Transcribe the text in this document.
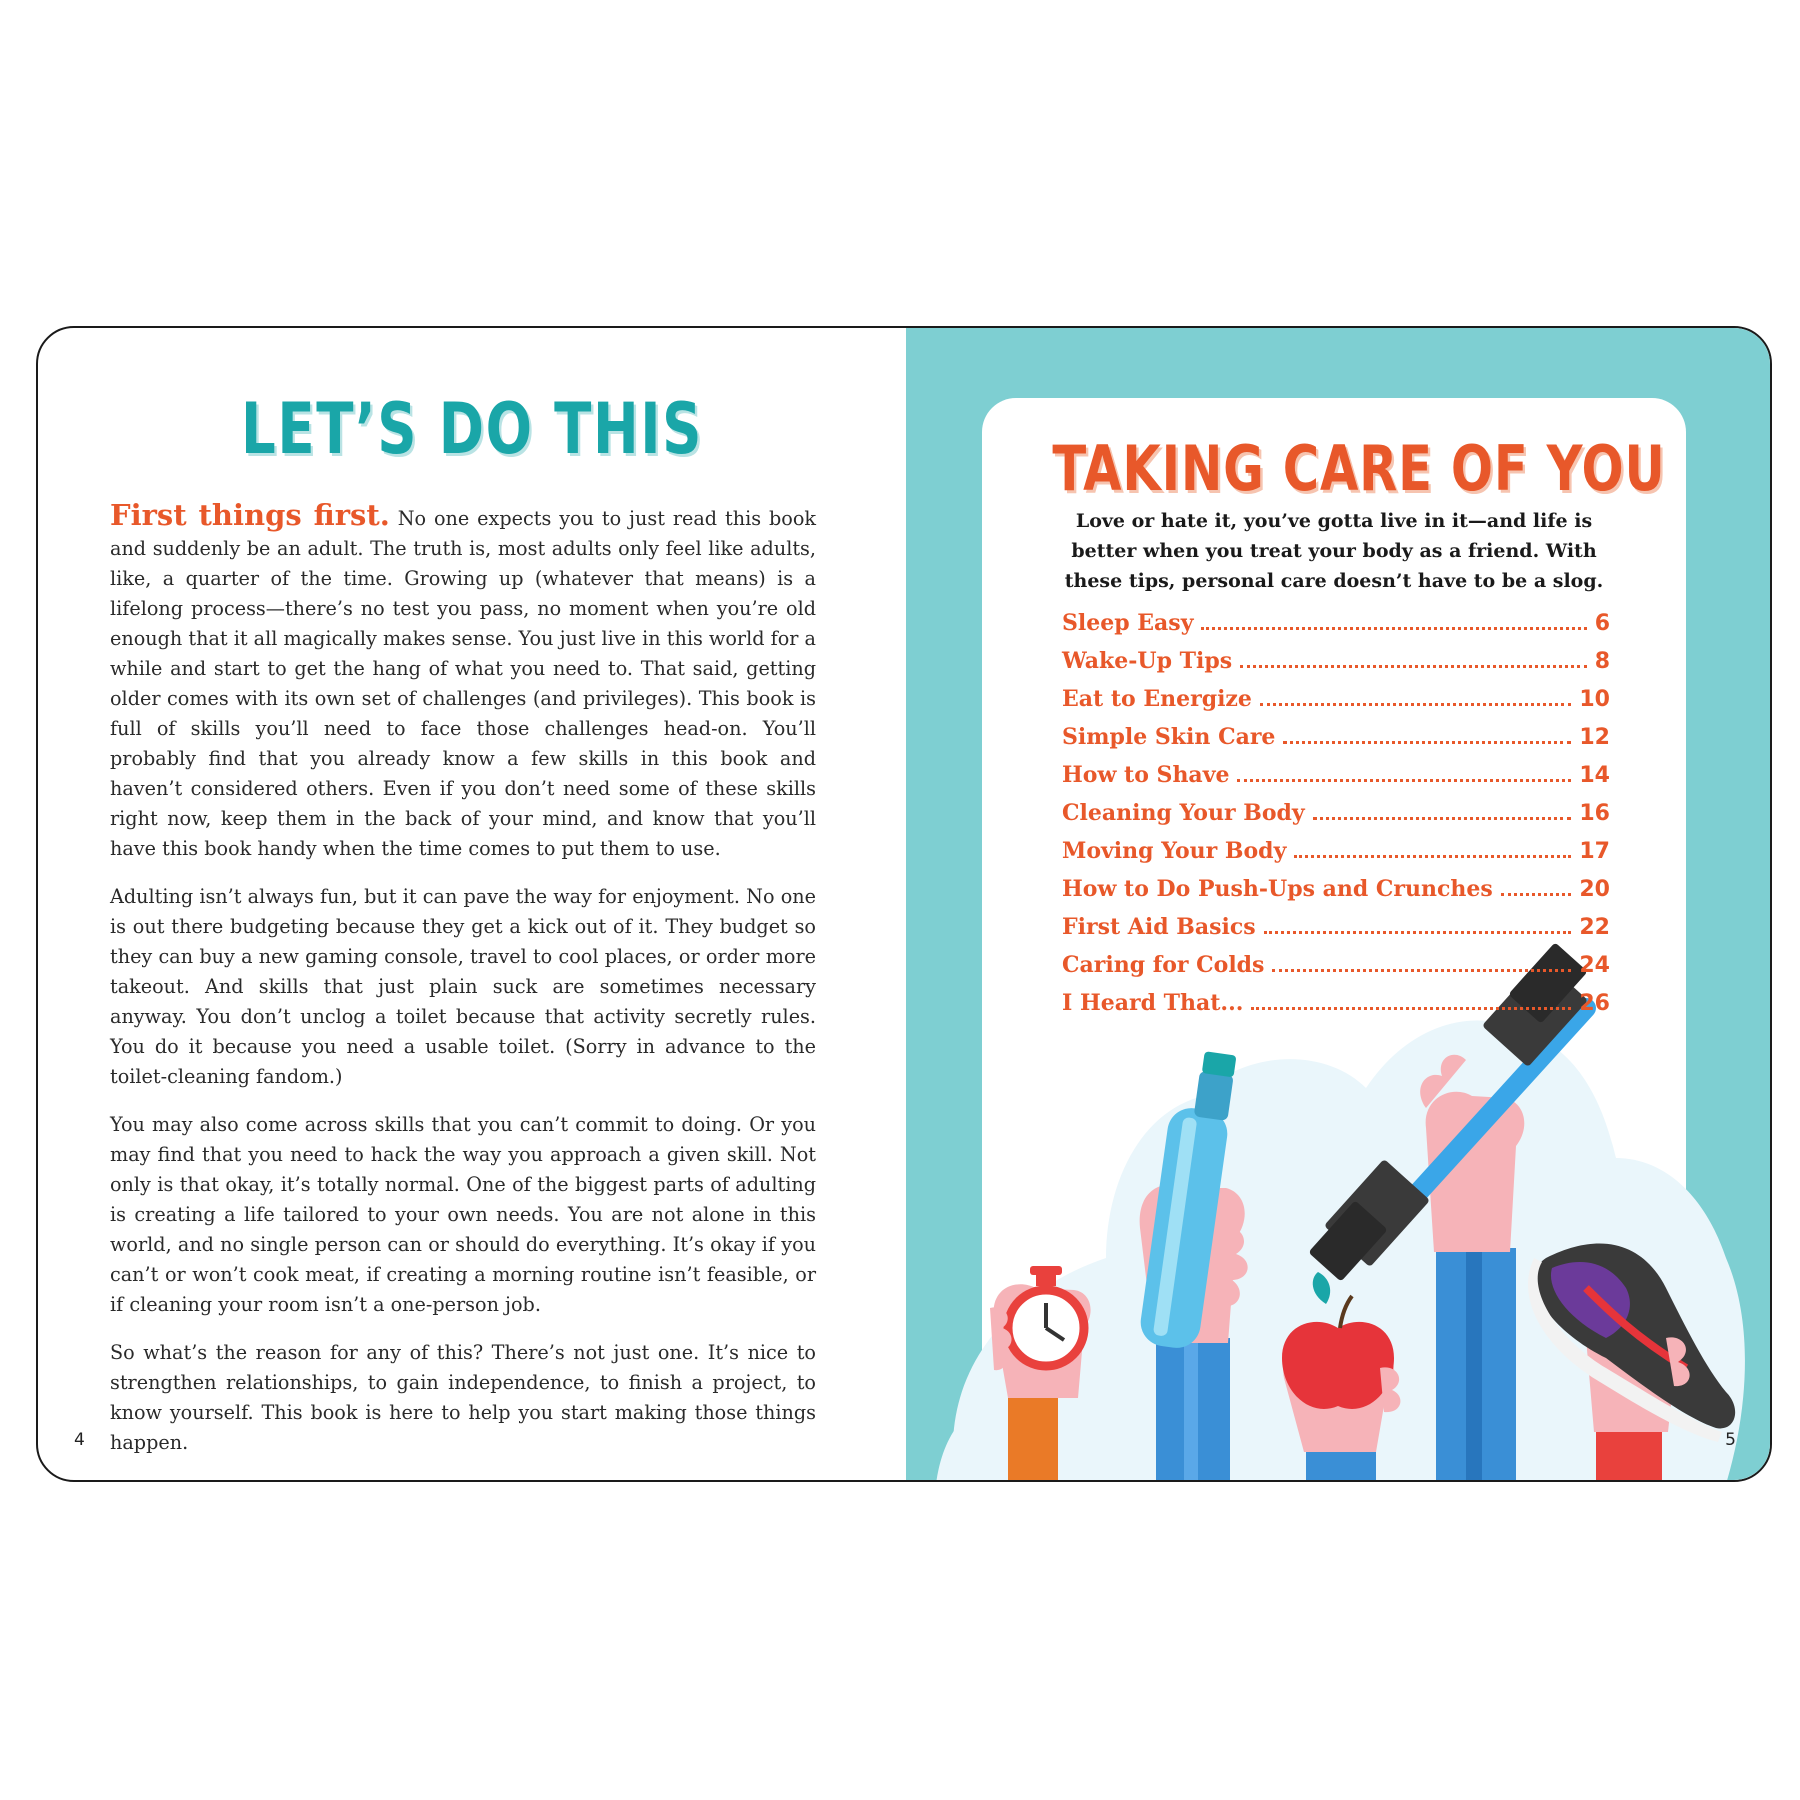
LET’S DO THIS

First things first. No one expects you to just read this book and suddenly be an adult. The truth is, most adults only feel like adults, like, a quarter of the time. Growing up (whatever that means) is a lifelong process—there’s no test you pass, no moment when you’re old enough that it all magically makes sense. You just live in this world for a while and start to get the hang of what you need to. That said, getting older comes with its own set of challenges (and privileges). This book is full of skills you’ll need to face those challenges head-on. You’ll probably find that you already know a few skills in this book and haven’t considered others. Even if you don’t need some of these skills right now, keep them in the back of your mind, and know that you’ll have this book handy when the time comes to put them to use.

Adulting isn’t always fun, but it can pave the way for enjoyment. No one is out there budgeting because they get a kick out of it. They budget so they can buy a new gaming console, travel to cool places, or order more takeout. And skills that just plain suck are sometimes necessary anyway. You don’t unclog a toilet because that activity secretly rules. You do it because you need a usable toilet. (Sorry in advance to the toilet-cleaning fandom.)

You may also come across skills that you can’t commit to doing. Or you may find that you need to hack the way you approach a given skill. Not only is that okay, it’s totally normal. One of the biggest parts of adulting is creating a life tailored to your own needs. You are not alone in this world, and no single person can or should do everything. It’s okay if you can’t or won’t cook meat, if creating a morning routine isn’t feasible, or if cleaning your room isn’t a one-person job.

So what’s the reason for any of this? There’s not just one. It’s nice to strengthen relationships, to gain independence, to finish a project, to know yourself. This book is here to help you start making those things happen.

4
TAKING CARE OF YOU
Love or hate it, you’ve gotta live in it—and life is better when you treat your body as a friend. With these tips, personal care doesn’t have to be a slog.
Sleep Easy	6
Wake-Up Tips	8
Eat to Energize	10
Simple Skin Care	12
How to Shave	14
Cleaning Your Body	16
Moving Your Body	17
How to Do Push-Ups and Crunches	20
First Aid Basics	22
Caring for Colds	24
I Heard That...	26
5
